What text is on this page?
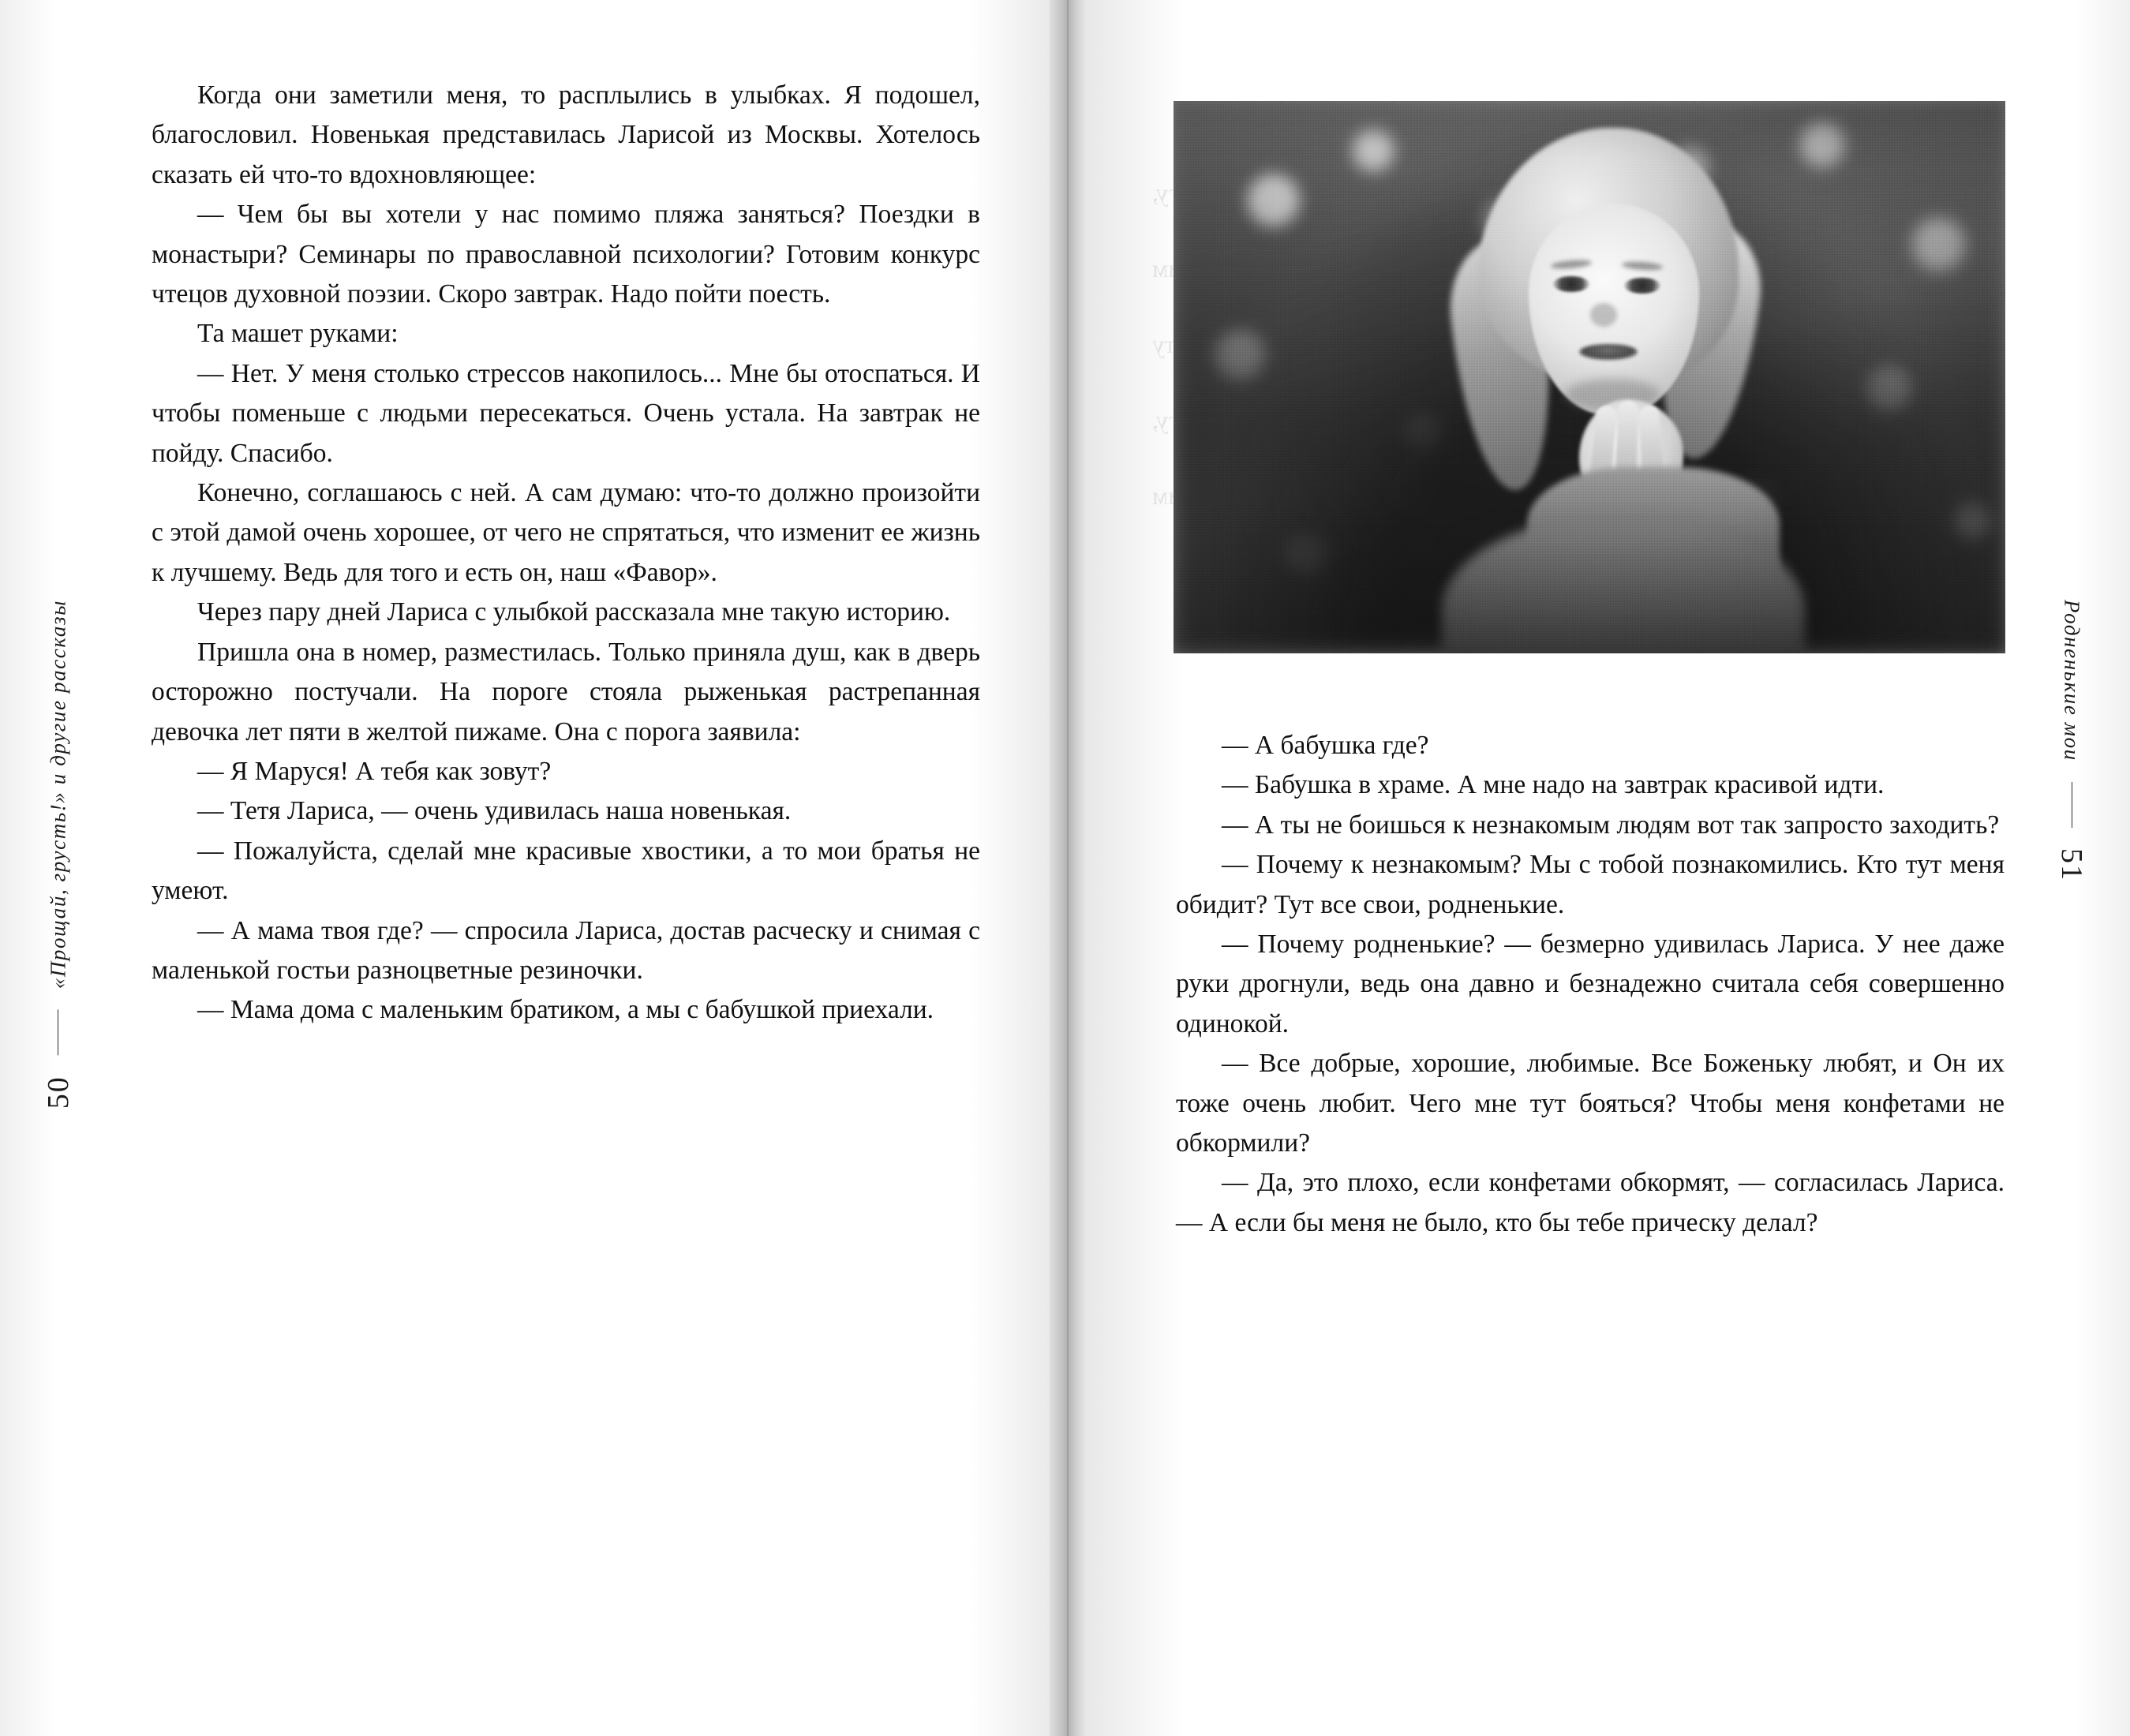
50
«Прощай, грусть!» и другие рассказы

Когда они заметили меня, то расплылись в улыбках. Я подошел, благословил. Новенькая представилась Ларисой из Москвы. Хотелось сказать ей что-то вдохновляющее:

— Чем бы вы хотели у нас помимо пляжа заняться? Поездки в монастыри? Семинары по православной психологии? Готовим конкурс чтецов духовной поэзии. Скоро завтрак. Надо пойти поесть.

Та машет руками:

— Нет. У меня столько стрессов накопилось... Мне бы отоспаться. И чтобы поменьше с людьми пересекаться. Очень устала. На завтрак не пойду. Спасибо.

Конечно, соглашаюсь с ней. А сам думаю: что-то должно произойти с этой дамой очень хорошее, от чего не спрятаться, что изменит ее жизнь к лучшему. Ведь для того и есть он, наш «Фавор».

Через пару дней Лариса с улыбкой рассказала мне такую историю.

Пришла она в номер, разместилась. Только приняла душ, как в дверь осторожно постучали. На пороге стояла рыженькая растрепанная девочка лет пяти в желтой пижаме. Она с порога заявила:

— Я Маруся! А тебя как зовут?

— Тетя Лариса, — очень удивилась наша новенькая.

— Пожалуйста, сделай мне красивые хвостики, а то мои братья не умеют.

— А мама твоя где? — спросила Лариса, достав расческу и снимая с маленькой гостьи разноцветные резиночки.

— Мама дома с маленьким братиком, а мы с бабушкой приехали.

Родненькие мои
51

— А бабушка где?

— Бабушка в храме. А мне надо на завтрак красивой идти.

— А ты не боишься к незнакомым людям вот так запросто заходить?

— Почему к незнакомым? Мы с тобой познакомились. Кто тут меня обидит? Тут все свои, родненькие.

— Почему родненькие? — безмерно удивилась Лариса. У нее даже руки дрогнули, ведь она давно и безнадежно считала себя совершенно одинокой.

— Все добрые, хорошие, любимые. Все Боженьку любят, и Он их тоже очень любит. Чего мне тут бояться? Чтобы меня конфетами не обкормили?

— Да, это плохо, если конфетами обкормят, — согласилась Лариса. — А если бы меня не было, кто бы тебе прическу делал?
